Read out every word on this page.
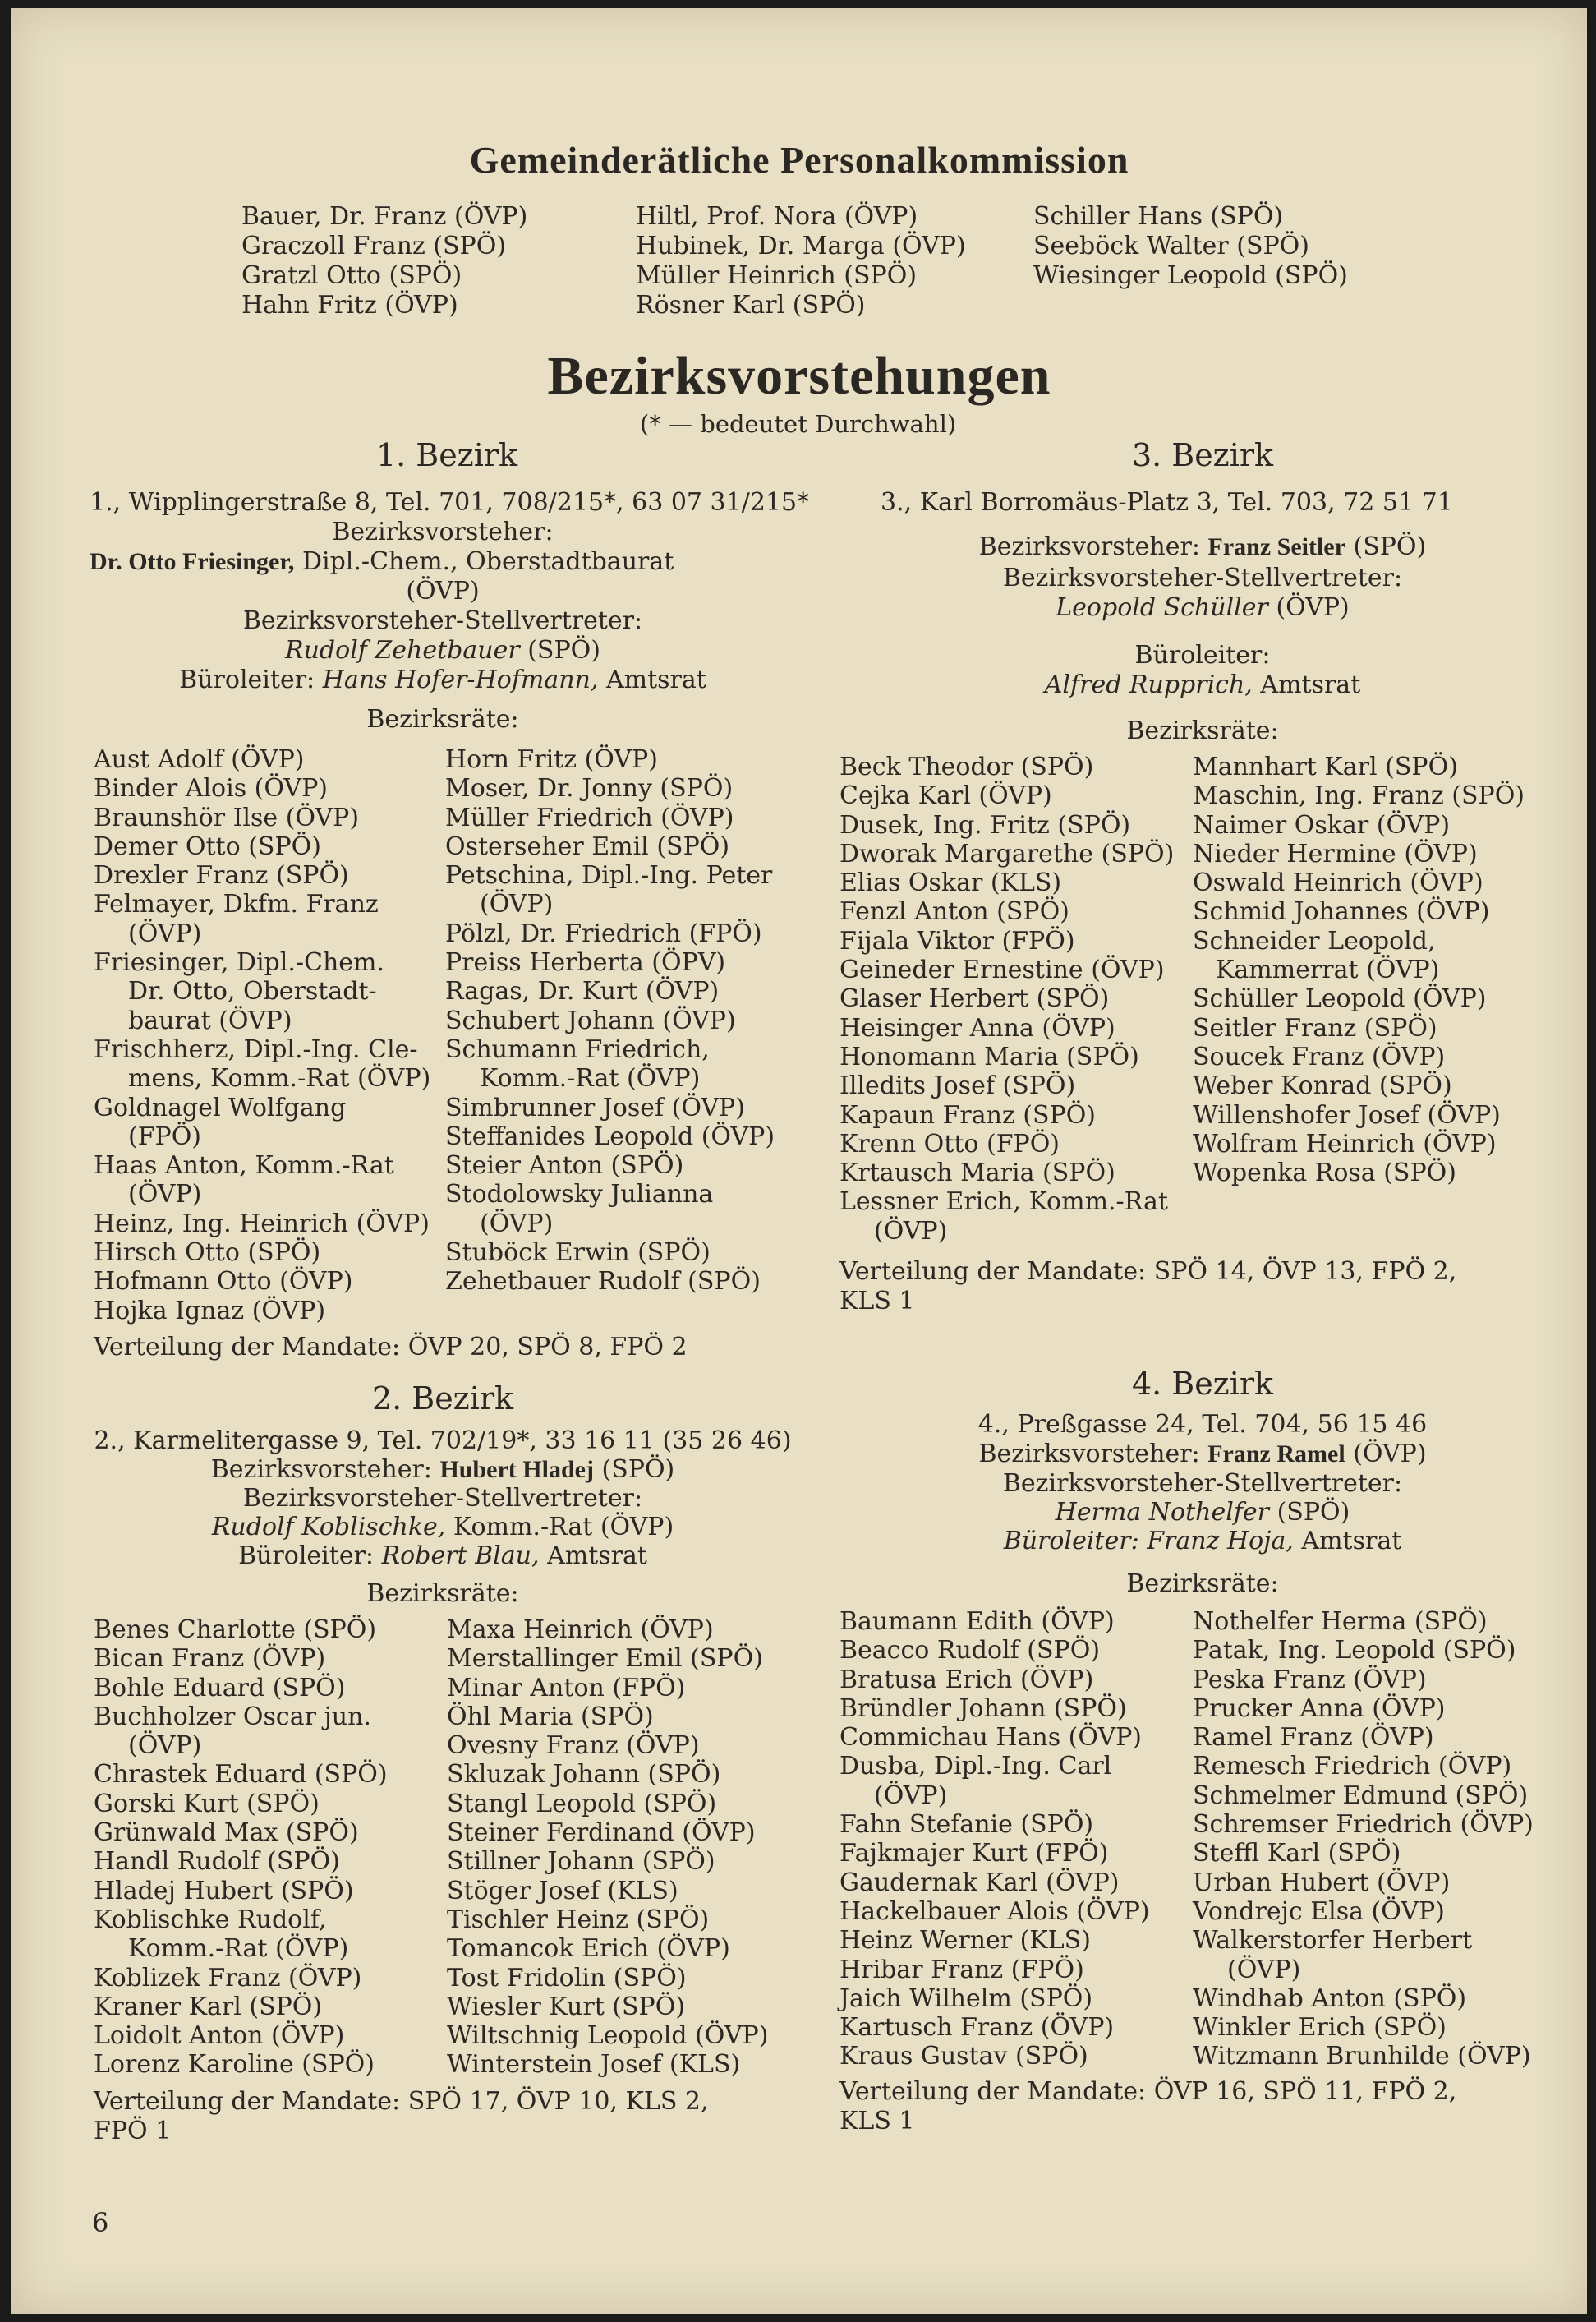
Gemeinderätliche Personalkommission
Bauer, Dr. Franz (ÖVP)
Graczoll Franz (SPÖ)
Gratzl Otto (SPÖ)
Hahn Fritz (ÖVP)
Hiltl, Prof. Nora (ÖVP)
Hubinek, Dr. Marga (ÖVP)
Müller Heinrich (SPÖ)
Rösner Karl (SPÖ)
Schiller Hans (SPÖ)
Seeböck Walter (SPÖ)
Wiesinger Leopold (SPÖ)
Bezirksvorstehungen
(* — bedeutet Durchwahl)
1. Bezirk
1., Wipplingerstraße 8, Tel. 701, 708/215*, 63 07 31/215*
Bezirksvorsteher:
Dr. Otto Friesinger, Dipl.-Chem., Oberstadtbaurat
(ÖVP)
Bezirksvorsteher-Stellvertreter:
Rudolf Zehetbauer (SPÖ)
Büroleiter: Hans Hofer-Hofmann, Amtsrat
Bezirksräte:
Aust Adolf (ÖVP)
Binder Alois (ÖVP)
Braunshör Ilse (ÖVP)
Demer Otto (SPÖ)
Drexler Franz (SPÖ)
Felmayer, Dkfm. Franz
(ÖVP)
Friesinger, Dipl.-Chem.
Dr. Otto, Oberstadt-
baurat (ÖVP)
Frischherz, Dipl.-Ing. Cle-
mens, Komm.-Rat (ÖVP)
Goldnagel Wolfgang
(FPÖ)
Haas Anton, Komm.-Rat
(ÖVP)
Heinz, Ing. Heinrich (ÖVP)
Hirsch Otto (SPÖ)
Hofmann Otto (ÖVP)
Hojka Ignaz (ÖVP)
Horn Fritz (ÖVP)
Moser, Dr. Jonny (SPÖ)
Müller Friedrich (ÖVP)
Osterseher Emil (SPÖ)
Petschina, Dipl.-Ing. Peter
(ÖVP)
Pölzl, Dr. Friedrich (FPÖ)
Preiss Herberta (ÖPV)
Ragas, Dr. Kurt (ÖVP)
Schubert Johann (ÖVP)
Schumann Friedrich,
Komm.-Rat (ÖVP)
Simbrunner Josef (ÖVP)
Steffanides Leopold (ÖVP)
Steier Anton (SPÖ)
Stodolowsky Julianna
(ÖVP)
Stuböck Erwin (SPÖ)
Zehetbauer Rudolf (SPÖ)
Verteilung der Mandate: ÖVP 20, SPÖ 8, FPÖ 2
2. Bezirk
2., Karmelitergasse 9, Tel. 702/19*, 33 16 11 (35 26 46)
Bezirksvorsteher: Hubert Hladej (SPÖ)
Bezirksvorsteher-Stellvertreter:
Rudolf Koblischke, Komm.-Rat (ÖVP)
Büroleiter: Robert Blau, Amtsrat
Bezirksräte:
Benes Charlotte (SPÖ)
Bican Franz (ÖVP)
Bohle Eduard (SPÖ)
Buchholzer Oscar jun.
(ÖVP)
Chrastek Eduard (SPÖ)
Gorski Kurt (SPÖ)
Grünwald Max (SPÖ)
Handl Rudolf (SPÖ)
Hladej Hubert (SPÖ)
Koblischke Rudolf,
Komm.-Rat (ÖVP)
Koblizek Franz (ÖVP)
Kraner Karl (SPÖ)
Loidolt Anton (ÖVP)
Lorenz Karoline (SPÖ)
Maxa Heinrich (ÖVP)
Merstallinger Emil (SPÖ)
Minar Anton (FPÖ)
Öhl Maria (SPÖ)
Ovesny Franz (ÖVP)
Skluzak Johann (SPÖ)
Stangl Leopold (SPÖ)
Steiner Ferdinand (ÖVP)
Stillner Johann (SPÖ)
Stöger Josef (KLS)
Tischler Heinz (SPÖ)
Tomancok Erich (ÖVP)
Tost Fridolin (SPÖ)
Wiesler Kurt (SPÖ)
Wiltschnig Leopold (ÖVP)
Winterstein Josef (KLS)
Verteilung der Mandate: SPÖ 17, ÖVP 10, KLS 2,
FPÖ 1
3. Bezirk
3., Karl Borromäus-Platz 3, Tel. 703, 72 51 71
Bezirksvorsteher: Franz Seitler (SPÖ)
Bezirksvorsteher-Stellvertreter:
Leopold Schüller (ÖVP)
Büroleiter:
Alfred Rupprich, Amtsrat
Bezirksräte:
Beck Theodor (SPÖ)
Cejka Karl (ÖVP)
Dusek, Ing. Fritz (SPÖ)
Dworak Margarethe (SPÖ)
Elias Oskar (KLS)
Fenzl Anton (SPÖ)
Fijala Viktor (FPÖ)
Geineder Ernestine (ÖVP)
Glaser Herbert (SPÖ)
Heisinger Anna (ÖVP)
Honomann Maria (SPÖ)
Illedits Josef (SPÖ)
Kapaun Franz (SPÖ)
Krenn Otto (FPÖ)
Krtausch Maria (SPÖ)
Lessner Erich, Komm.-Rat
(ÖVP)
Mannhart Karl (SPÖ)
Maschin, Ing. Franz (SPÖ)
Naimer Oskar (ÖVP)
Nieder Hermine (ÖVP)
Oswald Heinrich (ÖVP)
Schmid Johannes (ÖVP)
Schneider Leopold,
Kammerrat (ÖVP)
Schüller Leopold (ÖVP)
Seitler Franz (SPÖ)
Soucek Franz (ÖVP)
Weber Konrad (SPÖ)
Willenshofer Josef (ÖVP)
Wolfram Heinrich (ÖVP)
Wopenka Rosa (SPÖ)
Verteilung der Mandate: SPÖ 14, ÖVP 13, FPÖ 2,
KLS 1
4. Bezirk
4., Preßgasse 24, Tel. 704, 56 15 46
Bezirksvorsteher: Franz Ramel (ÖVP)
Bezirksvorsteher-Stellvertreter:
Herma Nothelfer (SPÖ)
Büroleiter: Franz Hoja, Amtsrat
Bezirksräte:
Baumann Edith (ÖVP)
Beacco Rudolf (SPÖ)
Bratusa Erich (ÖVP)
Bründler Johann (SPÖ)
Commichau Hans (ÖVP)
Dusba, Dipl.-Ing. Carl
(ÖVP)
Fahn Stefanie (SPÖ)
Fajkmajer Kurt (FPÖ)
Gaudernak Karl (ÖVP)
Hackelbauer Alois (ÖVP)
Heinz Werner (KLS)
Hribar Franz (FPÖ)
Jaich Wilhelm (SPÖ)
Kartusch Franz (ÖVP)
Kraus Gustav (SPÖ)
Nothelfer Herma (SPÖ)
Patak, Ing. Leopold (SPÖ)
Peska Franz (ÖVP)
Prucker Anna (ÖVP)
Ramel Franz (ÖVP)
Remesch Friedrich (ÖVP)
Schmelmer Edmund (SPÖ)
Schremser Friedrich (ÖVP)
Steffl Karl (SPÖ)
Urban Hubert (ÖVP)
Vondrejc Elsa (ÖVP)
Walkerstorfer Herbert
(ÖVP)
Windhab Anton (SPÖ)
Winkler Erich (SPÖ)
Witzmann Brunhilde (ÖVP)
Verteilung der Mandate: ÖVP 16, SPÖ 11, FPÖ 2,
KLS 1
6
